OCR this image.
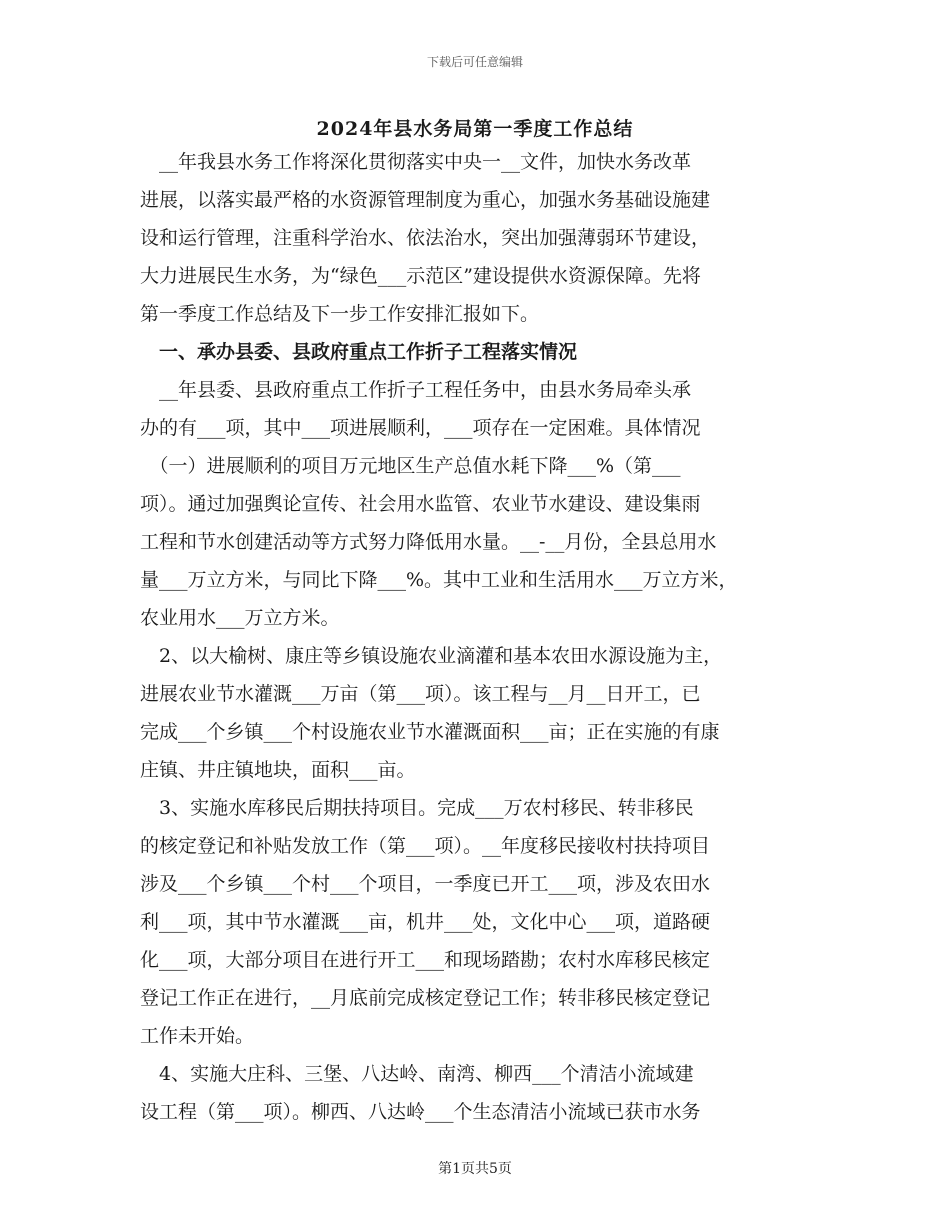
下载后可任意编辑
2024年县水务局第一季度工作总结
　__年我县水务工作将深化贯彻落实中央一__文件，加快水务改革
进展，以落实最严格的水资源管理制度为重心，加强水务基础设施建
设和运行管理，注重科学治水、依法治水，突出加强薄弱环节建设，
大力进展民生水务，为“绿色___示范区”建设提供水资源保障。先将
第一季度工作总结及下一步工作安排汇报如下。
　一、承办县委、县政府重点工作折子工程落实情况
　__年县委、县政府重点工作折子工程任务中，由县水务局牵头承
办的有___项，其中___项进展顺利，___项存在一定困难。具体情况
　（一）进展顺利的项目万元地区生产总值水耗下降___%（第___
项）。通过加强舆论宣传、社会用水监管、农业节水建设、建设集雨
工程和节水创建活动等方式努力降低用水量。__-__月份，全县总用水
量___万立方米，与同比下降___%。其中工业和生活用水___万立方米，
农业用水___万立方米。
　2、以大榆树、康庄等乡镇设施农业滴灌和基本农田水源设施为主，
进展农业节水灌溉___万亩（第___项）。该工程与__月__日开工，已
完成___个乡镇___个村设施农业节水灌溉面积___亩；正在实施的有康
庄镇、井庄镇地块，面积___亩。
　3、实施水库移民后期扶持项目。完成___万农村移民、转非移民
的核定登记和补贴发放工作（第___项）。__年度移民接收村扶持项目
涉及___个乡镇___个村___个项目，一季度已开工___项，涉及农田水
利___项，其中节水灌溉___亩，机井___处，文化中心___项，道路硬
化___项，大部分项目在进行开工___和现场踏勘；农村水库移民核定
登记工作正在进行，__月底前完成核定登记工作；转非移民核定登记
工作未开始。
　4、实施大庄科、三堡、八达岭、南湾、柳西___个清洁小流域建
设工程（第___项）。柳西、八达岭___个生态清洁小流域已获市水务
第1页共5页
